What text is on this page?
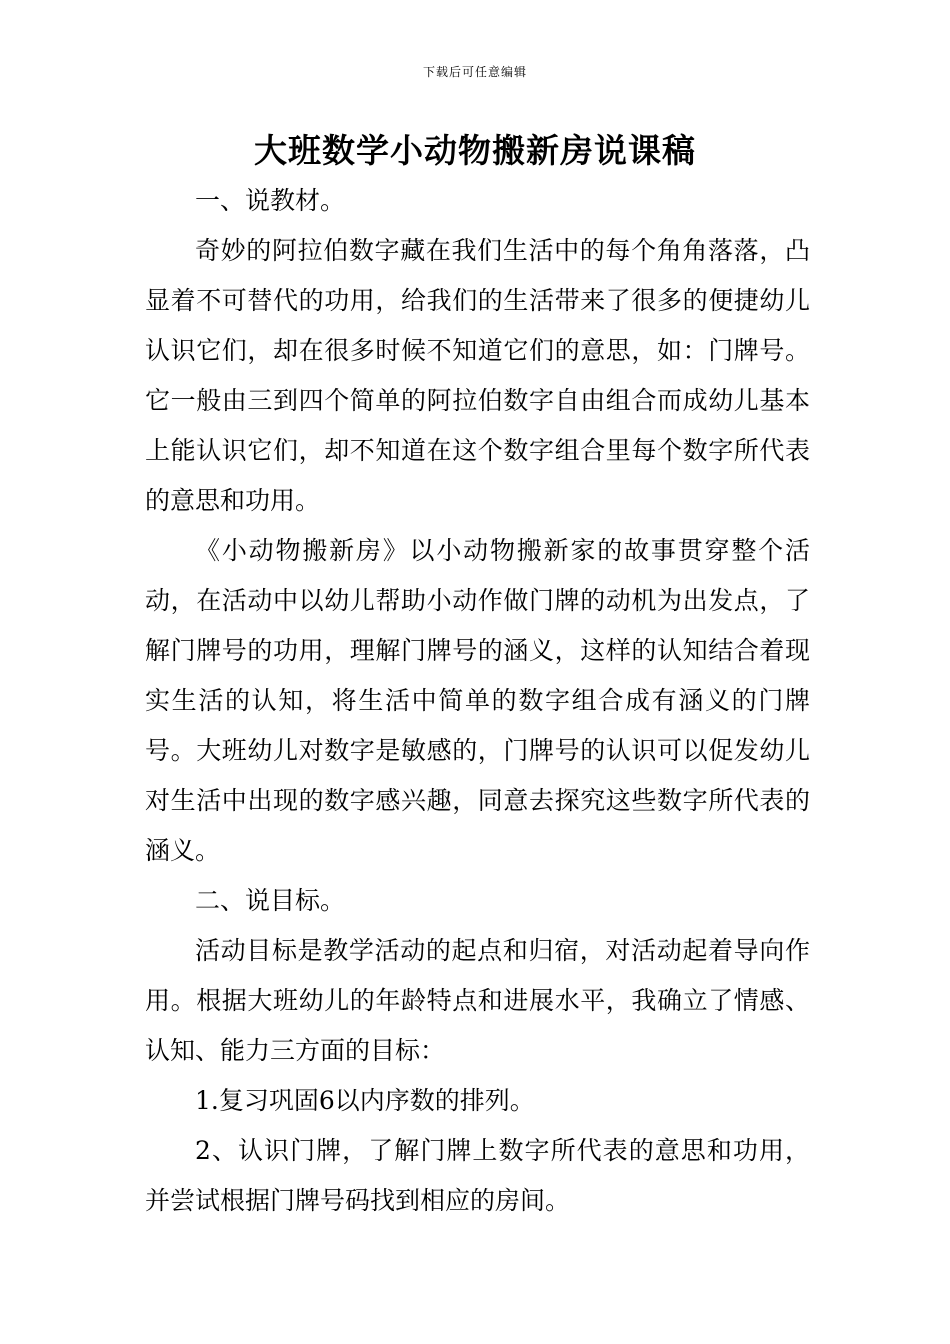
下载后可任意编辑
大班数学小动物搬新房说课稿

一、说教材。

奇妙的阿拉伯数字藏在我们生活中的每个角角落落，凸显着不可替代的功用，给我们的生活带来了很多的便捷幼儿认识它们，却在很多时候不知道它们的意思，如：门牌号。它一般由三到四个简单的阿拉伯数字自由组合而成幼儿基本上能认识它们，却不知道在这个数字组合里每个数字所代表的意思和功用。

《小动物搬新房》以小动物搬新家的故事贯穿整个活动，在活动中以幼儿帮助小动作做门牌的动机为出发点，了解门牌号的功用，理解门牌号的涵义，这样的认知结合着现实生活的认知，将生活中简单的数字组合成有涵义的门牌号。大班幼儿对数字是敏感的，门牌号的认识可以促发幼儿对生活中出现的数字感兴趣，同意去探究这些数字所代表的涵义。

二、说目标。

活动目标是教学活动的起点和归宿，对活动起着导向作用。根据大班幼儿的年龄特点和进展水平，我确立了情感、认知、能力三方面的目标：

1.复习巩固6以内序数的排列。

2、认识门牌，了解门牌上数字所代表的意思和功用，并尝试根据门牌号码找到相应的房间。
